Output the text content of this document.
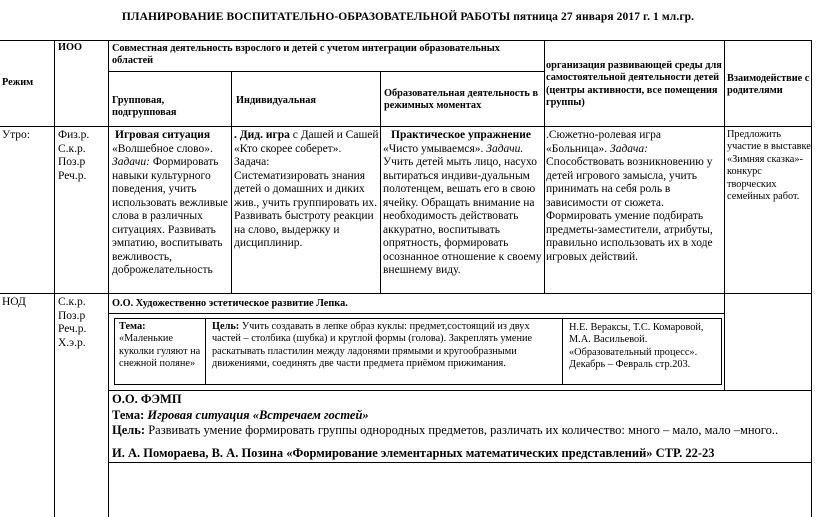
ПЛАНИРОВАНИЕ ВОСПИТАТЕЛЬНО-ОБРАЗОВАТЕЛЬНОЙ РАБОТЫ пятница 27 января 2017 г. 1 мл.гр.
Режим
ИОО	Совместная деятельность взрослого и детей с учетом интеграции образовательных областей
Групповая, подгрупповая
Индивидуальная
Образовательная деятельность в режимных моментах
организация развивающей среды для самостоятельной деятельности детей (центры активности, все помещения группы)
Взаимодействие с родителями
Утро: Физ.р.
С.к.р.
Поз.р
Реч.р.
Игровая ситуация
«Волшебное слово».
Задачи: Формировать навыки культурного поведения, учить использовать вежливые слова в различных ситуациях. Развивать эмпатию, воспитывать вежливость, доброжелательность
. Дид. игра с Дашей и Сашей «Кто скорее соберет».
Задача:
Систематизировать знания детей о домашних и диких жив., учить группировать их. Развивать быстроту реакции на слово, выдержку и дисциплинир.
Практическое упражнение
«Чисто умываемся». Задачи. Учить детей мыть лицо, насухо вытираться индиви-дуальным полотенцем, вешать его в свою ячейку. Обращать внимание на необходимость действовать аккуратно, воспитывать опрятность, формировать осознанное отношение к своему внешнему виду.
.Сюжетно-ролевая игра «Больница». Задача: Способствовать возникновению у детей игрового замысла, учить принимать на себя роль в зависимости от сюжета. Формировать умение подбирать предметы-заместители, атрибуты, правильно использовать их в ходе игровых действий.
Предложить участие в выставке «Зимняя сказка»- конкурс творческих семейных работ.
НОД	С.к.р.
Поз.р
Реч.р.
Х.э.р.
О.О. Художественно эстетическое развитие Лепка.
Тема:
«Маленькие куколки гуляют на снежной поляне»
Цель: Учить создавать в лепке образ куклы: предмет,состоящий из двух частей – столбика (шубка) и круглой формы (голова). Закреплять умение раскатывать пластилин между ладонями прямыми и кругообразными движениями, соединять две части предмета приёмом прижимания.
Н.Е. Вераксы, Т.С. Комаровой, М.А. Васильевой. «Образовательный процесс». Декабрь – Февраль стр.203.
О.О. ФЭМП
Тема: Игровая ситуация «Встречаем гостей»
Цель: Развивать умение формировать группы однородных предметов, различать их количество: много – мало, мало –много..
И. А. Помораева, В. А. Позина «Формирование элементарных математических представлений» СТР. 22-23
